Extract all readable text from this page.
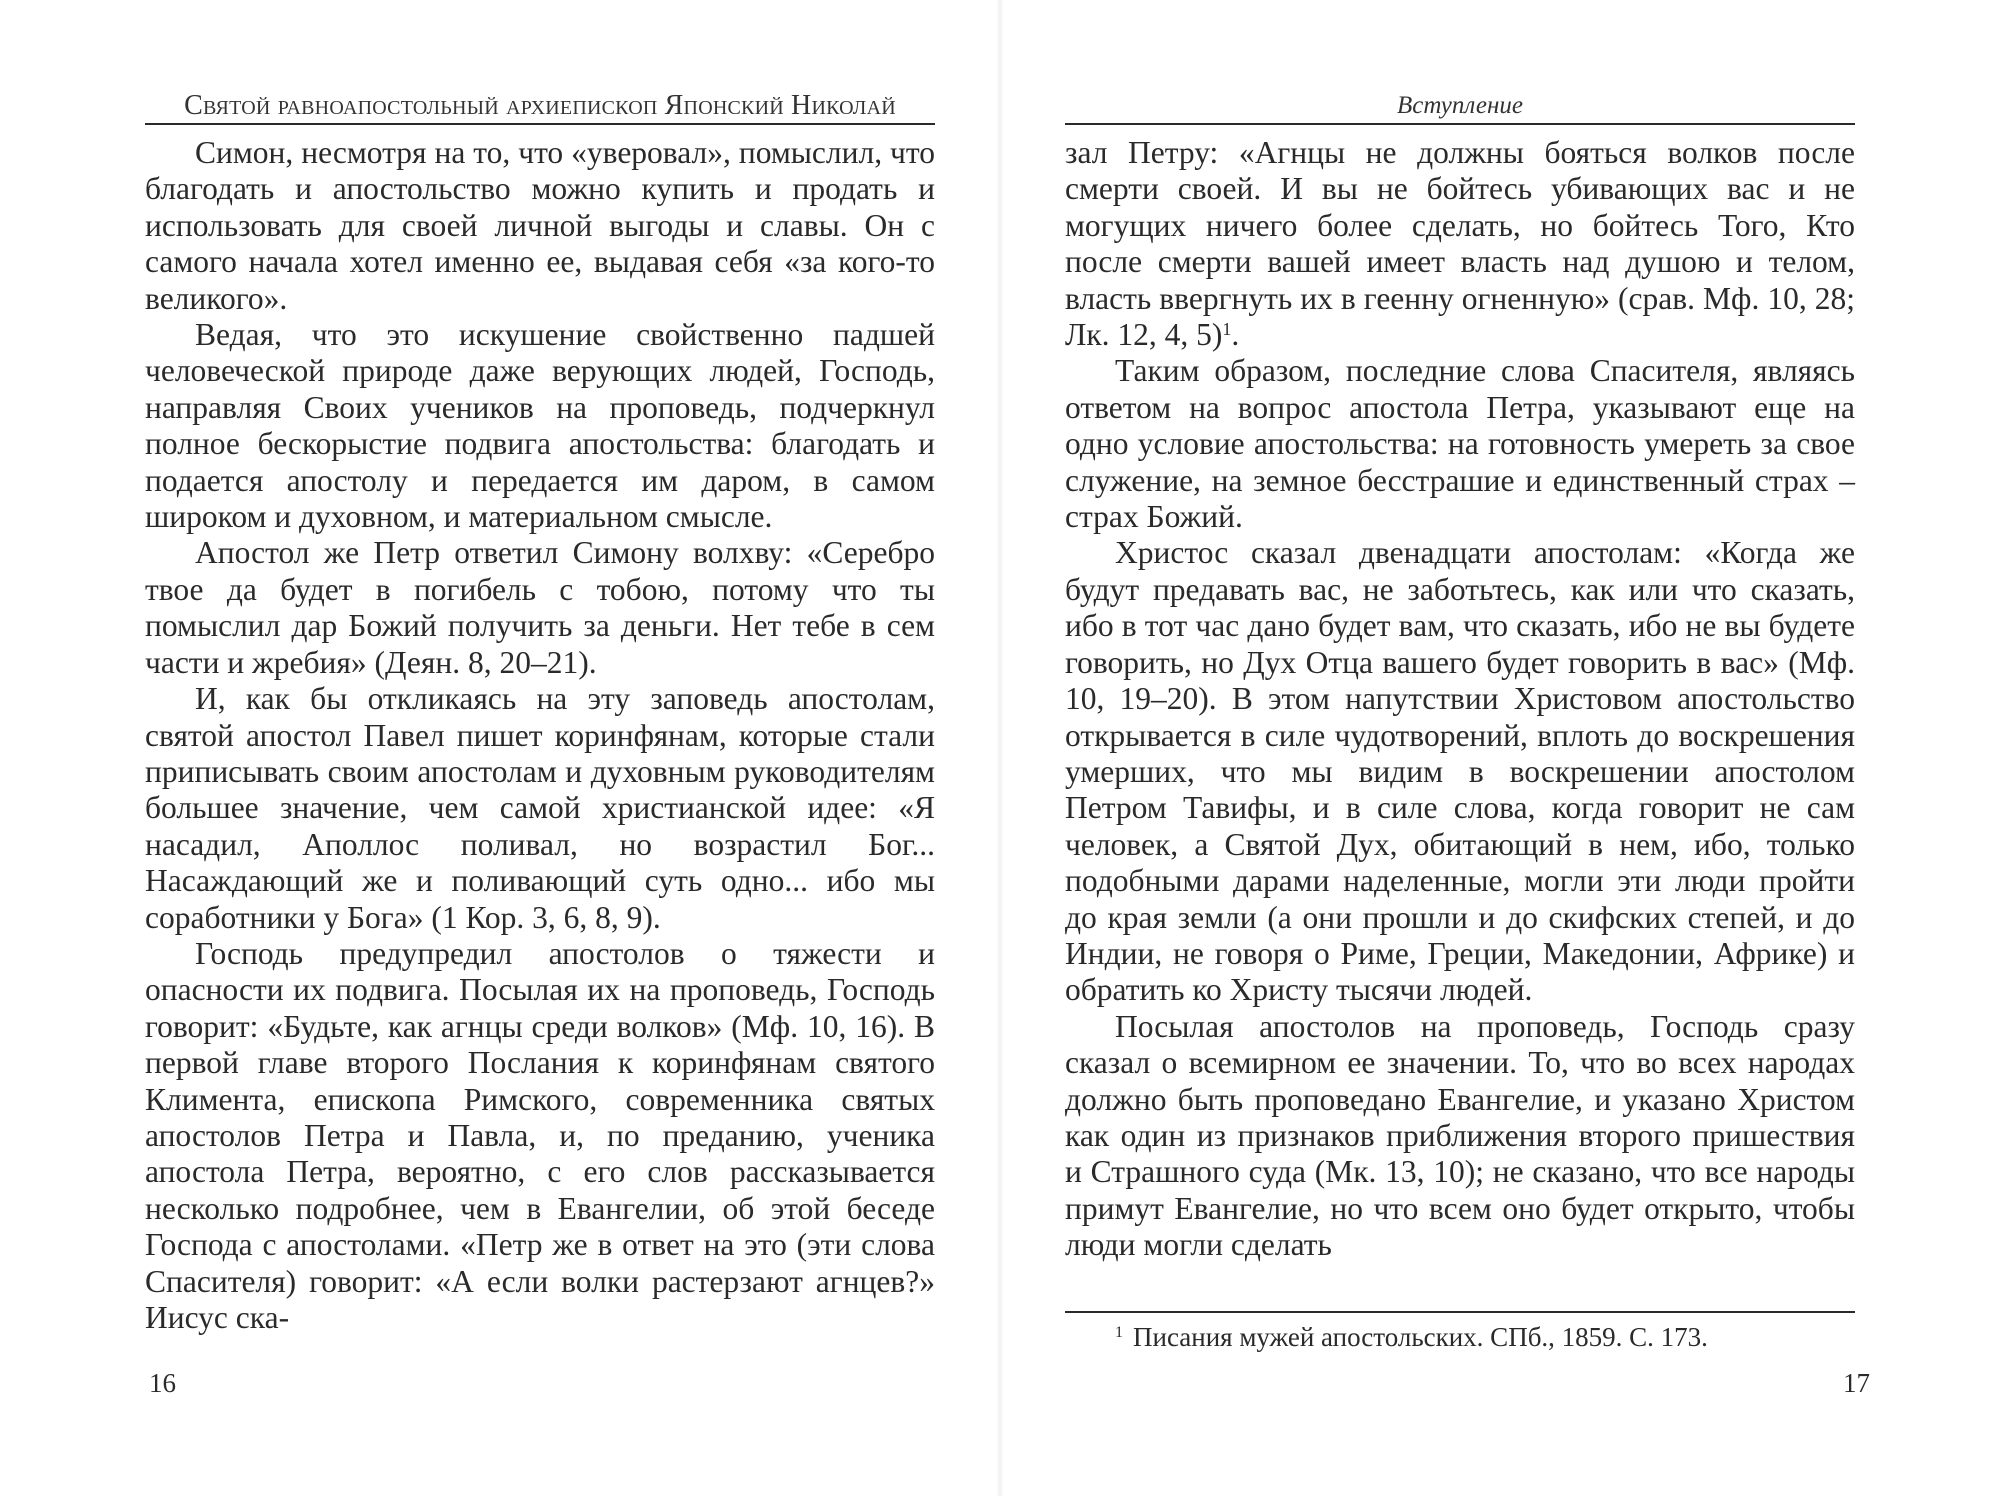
Святой равноапостольный архиепископ Японский Николай

Симон, несмотря на то, что «уверовал», помыслил, что благодать и апостольство можно купить и продать и использовать для своей личной выгоды и славы. Он с самого начала хотел именно ее, выдавая себя «за кого-то великого».

Ведая, что это искушение свойственно падшей человеческой природе даже верующих людей, Господь, направляя Своих учеников на проповедь, подчеркнул полное бескорыстие подвига апостольства: благодать и подается апостолу и передается им даром, в самом широком и духовном, и материальном смысле.

Апостол же Петр ответил Симону волхву: «Серебро твое да будет в погибель с тобою, потому что ты помыслил дар Божий получить за деньги. Нет тебе в сем части и жребия» (Деян. 8, 20–21).

И, как бы откликаясь на эту заповедь апостолам, святой апостол Павел пишет коринфянам, которые стали приписывать своим апостолам и духовным руководителям большее значение, чем самой христианской идее: «Я насадил, Аполлос поливал, но возрастил Бог... Насаждающий же и поливающий суть одно... ибо мы соработники у Бога» (1 Кор. 3, 6, 8, 9).

Господь предупредил апостолов о тяжести и опасности их подвига. Посылая их на проповедь, Господь говорит: «Будьте, как агнцы среди волков» (Мф. 10, 16). В первой главе второго Послания к коринфянам святого Климента, епископа Римского, современника святых апостолов Петра и Павла, и, по преданию, ученика апостола Петра, вероятно, с его слов рассказывается несколько подробнее, чем в Евангелии, об этой беседе Господа с апостолами. «Петр же в ответ на это (эти слова Спасителя) говорит: «А если волки растерзают агнцев?» Иисус ска-

16
Вступление

зал Петру: «Агнцы не должны бояться волков после смерти своей. И вы не бойтесь убивающих вас и не могущих ничего более сделать, но бойтесь Того, Кто после смерти вашей имеет власть над душою и телом, власть ввергнуть их в геенну огненную» (срав. Мф. 10, 28; Лк. 12, 4, 5)$^1$.

Таким образом, последние слова Спасителя, являясь ответом на вопрос апостола Петра, указывают еще на одно условие апостольства: на готовность умереть за свое служение, на земное бесстрашие и единственный страх – страх Божий.

Христос сказал двенадцати апостолам: «Когда же будут предавать вас, не заботьтесь, как или что сказать, ибо в тот час дано будет вам, что сказать, ибо не вы будете говорить, но Дух Отца вашего будет говорить в вас» (Мф. 10, 19–20). В этом напутствии Христовом апостольство открывается в силе чудотворений, вплоть до воскрешения умерших, что мы видим в воскрешении апостолом Петром Тавифы, и в силе слова, когда говорит не сам человек, а Святой Дух, обитающий в нем, ибо, только подобными дарами наделенные, могли эти люди пройти до края земли (а они прошли и до скифских степей, и до Индии, не говоря о Риме, Греции, Македонии, Африке) и обратить ко Христу тысячи людей.

Посылая апостолов на проповедь, Господь сразу сказал о всемирном ее значении. То, что во всех народах должно быть проповедано Евангелие, и указано Христом как один из признаков приближения второго пришествия и Страшного суда (Мк. 13, 10); не сказано, что все народы примут Евангелие, но что всем оно будет открыто, чтобы люди могли сделать

$^1$ Писания мужей апостольских. СПб., 1859. С. 173.
17
